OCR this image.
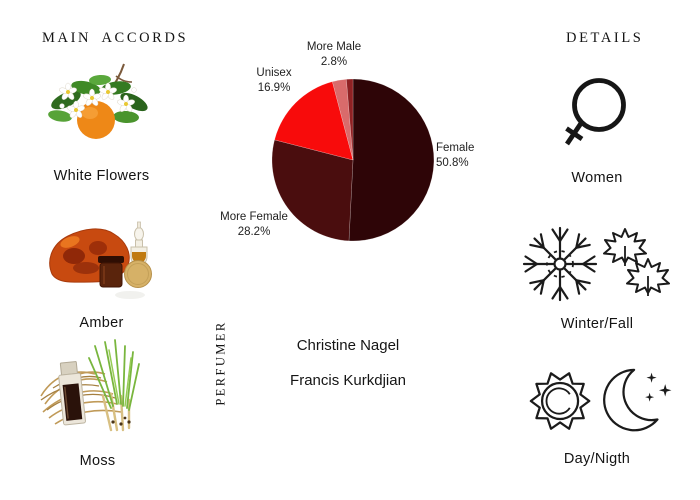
MAIN ACCORDS
White Flowers
Amber
Moss
More Male
2.8%
Unisex
16.9%
Female
50.8%
More Female
28.2%
PERFUMER	Christine Nagel
Francis Kurkdjian
DETAILS
Women
Winter/Fall
Day/Nigth
